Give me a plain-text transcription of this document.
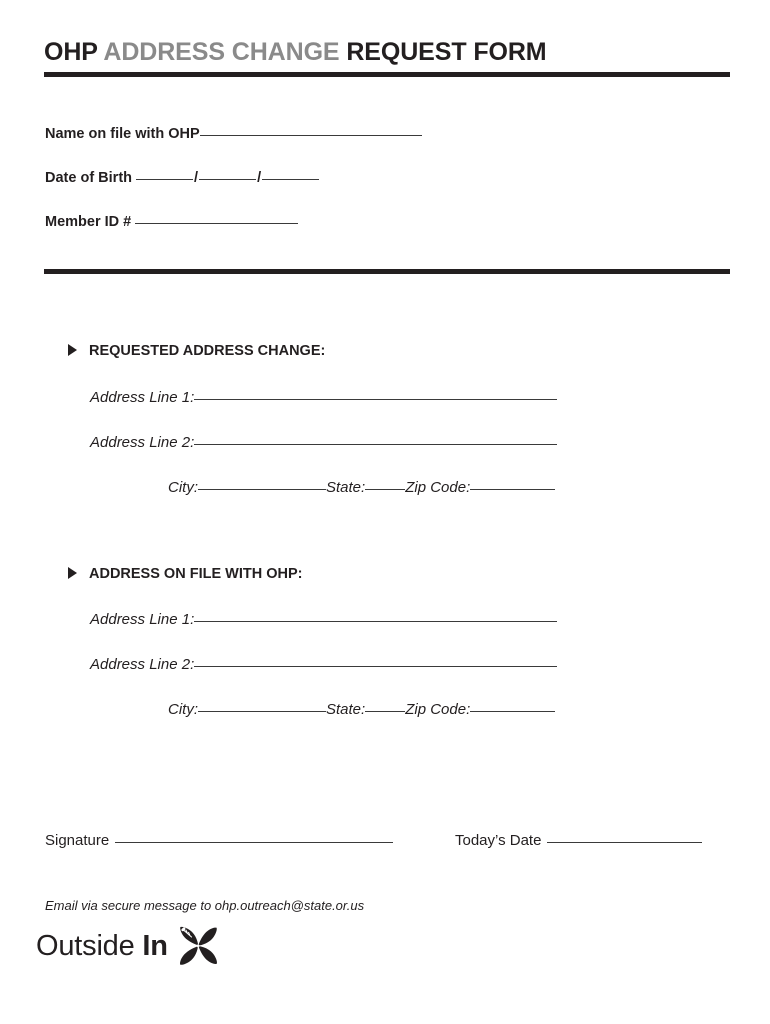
OHP ADDRESS CHANGE REQUEST FORM
Name on file with OHP
Date of Birth	/	/
Member ID #
REQUESTED ADDRESS CHANGE:
Address Line 1:
Address Line 2:
City:	State:	Zip Code:
ADDRESS ON FILE WITH OHP:
Address Line 1:
Address Line 2:
City:	State:	Zip Code:
Signature	Today’s Date
Email via secure message to ohp.outreach@state.or.us
Outside In
